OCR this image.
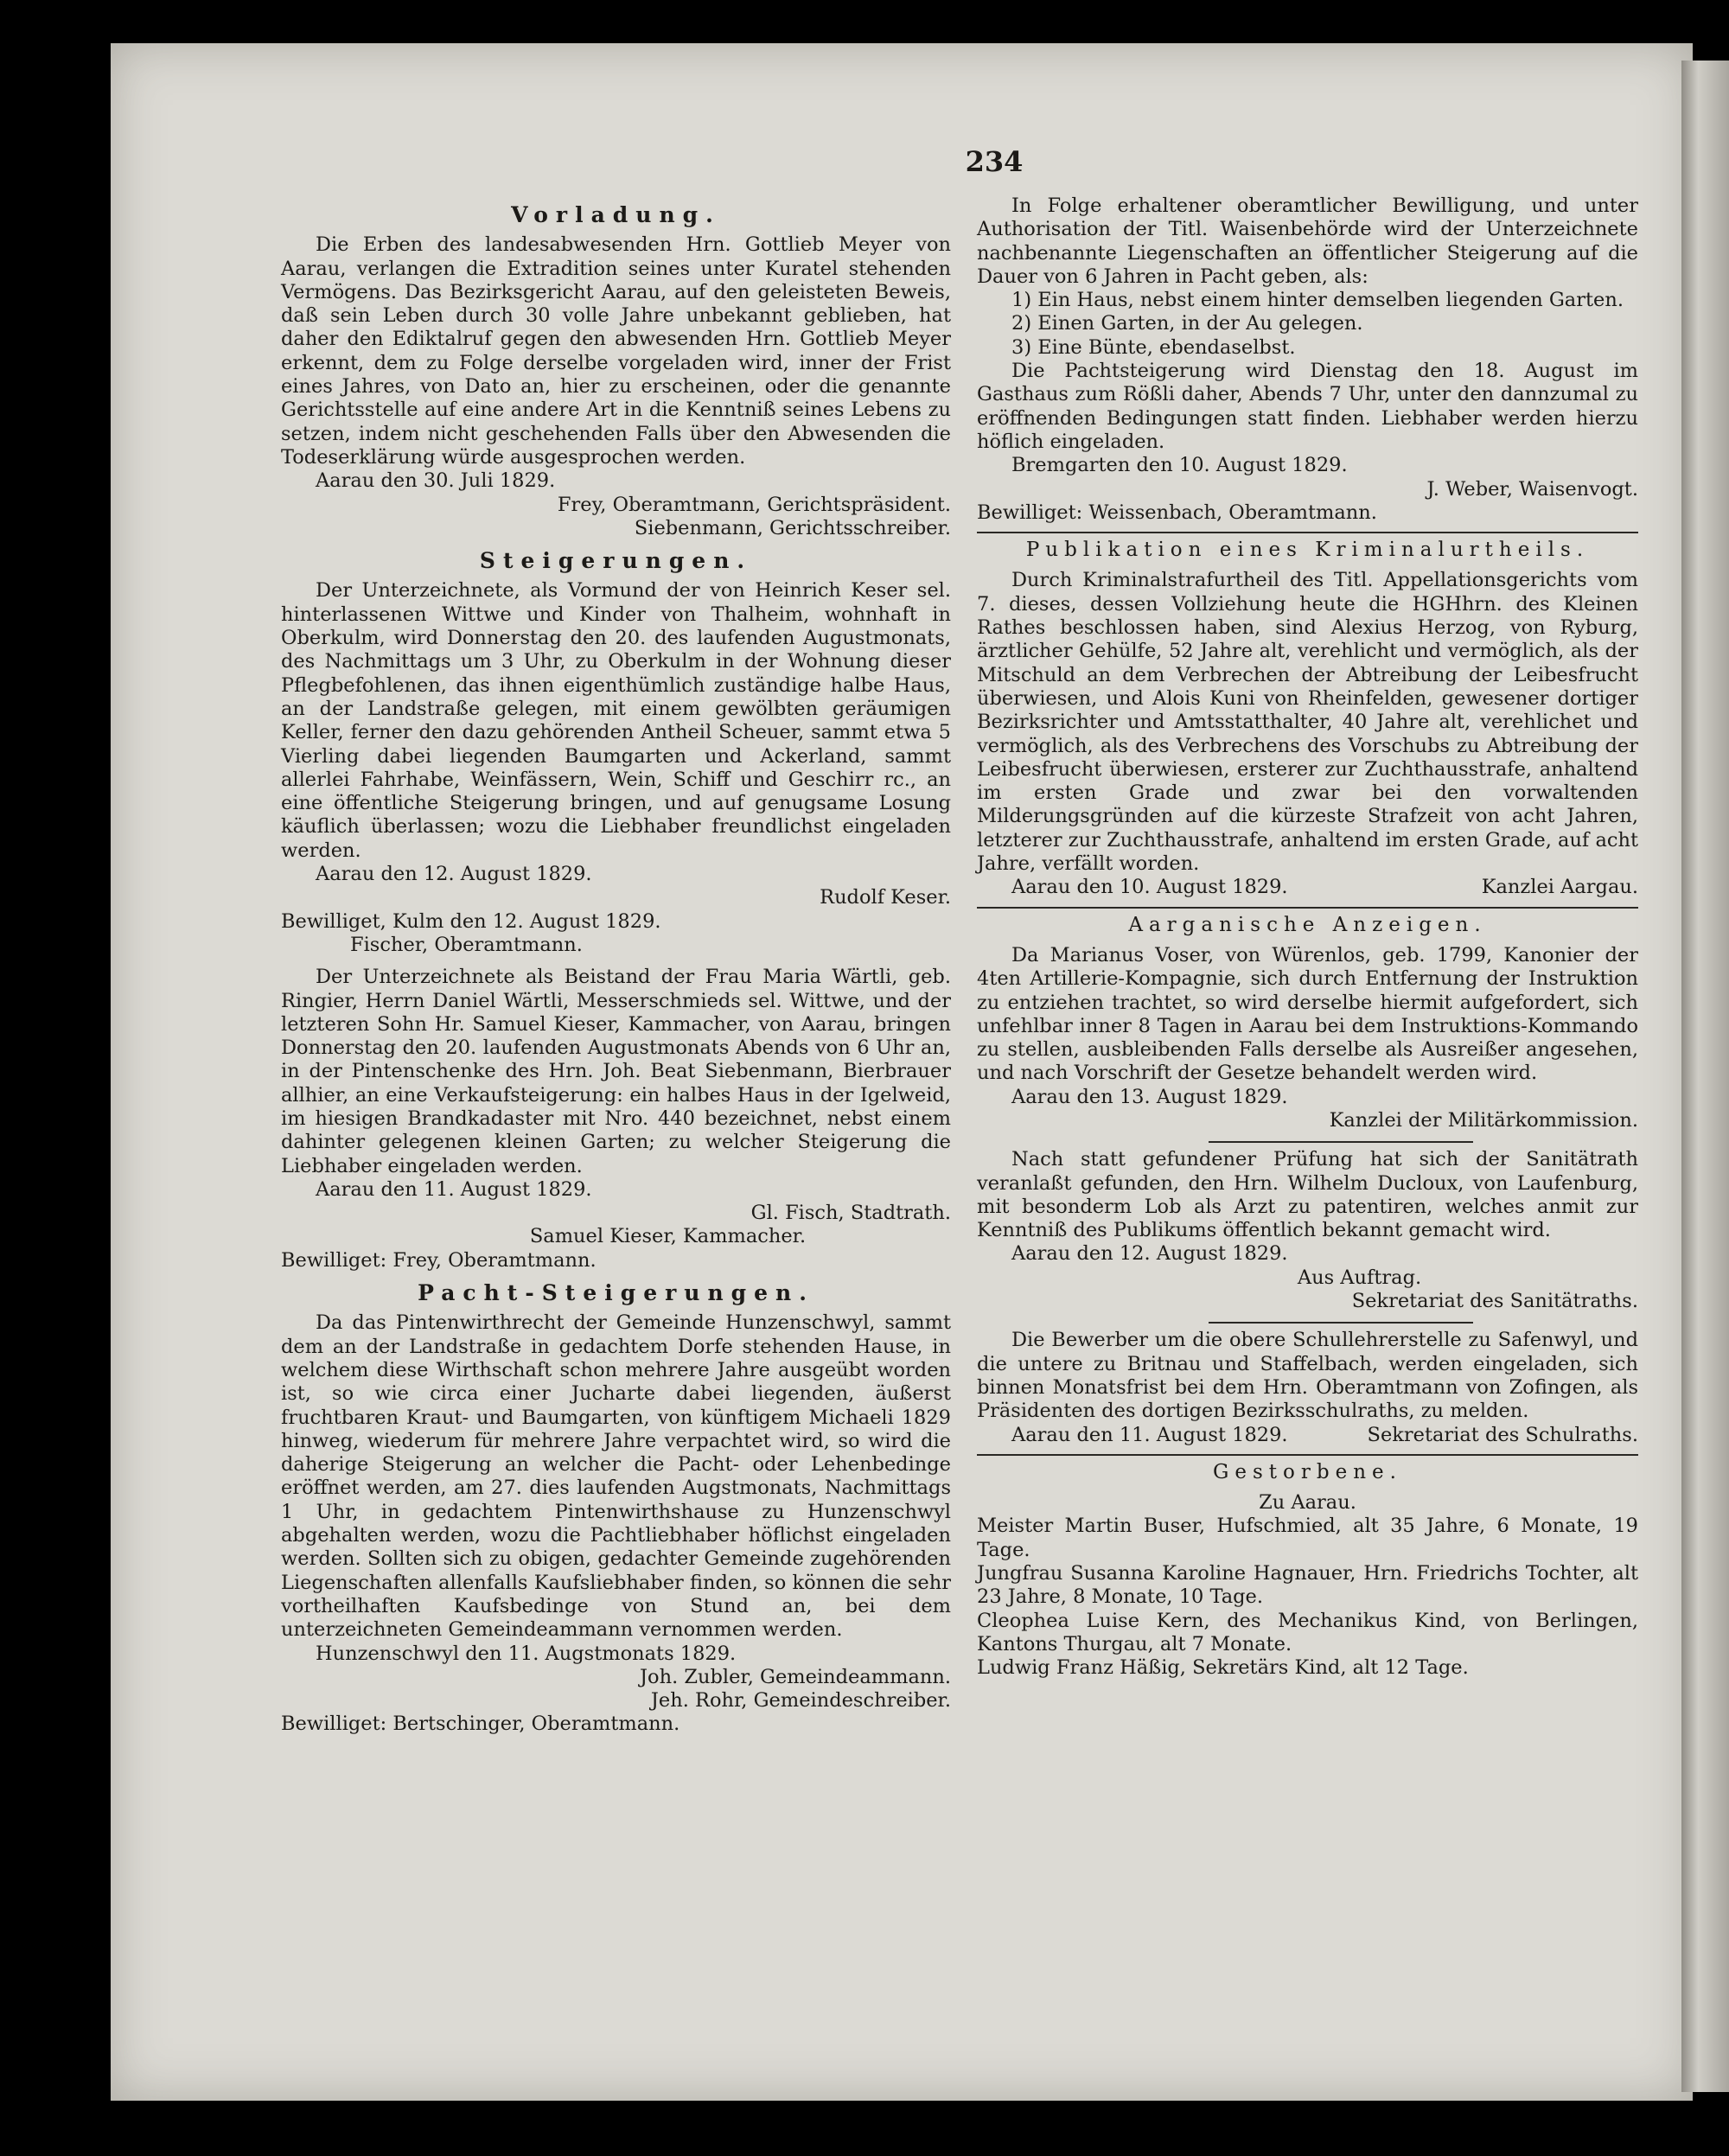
234
Vorladung.

Die Erben des landesabwesenden Hrn. Gottlieb Meyer von Aarau, verlangen die Extradition seines unter Kuratel stehenden Vermögens. Das Bezirksgericht Aarau, auf den geleisteten Beweis, daß sein Leben durch 30 volle Jahre unbekannt geblieben, hat daher den Ediktalruf gegen den abwesenden Hrn. Gottlieb Meyer erkennt, dem zu Folge derselbe vorgeladen wird, inner der Frist eines Jahres, von Dato an, hier zu erscheinen, oder die genannte Gerichtsstelle auf eine andere Art in die Kenntniß seines Lebens zu setzen, indem nicht geschehenden Falls über den Abwesenden die Todeserklärung würde ausgesprochen werden.

Aarau den 30. Juli 1829.

Frey, Oberamtmann, Gerichtspräsident.

Siebenmann, Gerichtsschreiber.

Steigerungen.

Der Unterzeichnete, als Vormund der von Heinrich Keser sel. hinterlassenen Wittwe und Kinder von Thalheim, wohnhaft in Oberkulm, wird Donnerstag den 20. des laufenden Augustmonats, des Nachmittags um 3 Uhr, zu Oberkulm in der Wohnung dieser Pflegbefohlenen, das ihnen eigenthümlich zuständige halbe Haus, an der Landstraße gelegen, mit einem gewölbten geräumigen Keller, ferner den dazu gehörenden Antheil Scheuer, sammt etwa 5 Vierling dabei liegenden Baumgarten und Ackerland, sammt allerlei Fahrhabe, Weinfässern, Wein, Schiff und Geschirr rc., an eine öffentliche Steigerung bringen, und auf genugsame Losung käuflich überlassen; wozu die Liebhaber freundlichst eingeladen werden.

Aarau den 12. August 1829.

Rudolf Keser.

Bewilliget, Kulm den 12. August 1829.

Fischer, Oberamtmann.

Der Unterzeichnete als Beistand der Frau Maria Wärtli, geb. Ringier, Herrn Daniel Wärtli, Messerschmieds sel. Wittwe, und der letzteren Sohn Hr. Samuel Kieser, Kammacher, von Aarau, bringen Donnerstag den 20. laufenden Augustmonats Abends von 6 Uhr an, in der Pintenschenke des Hrn. Joh. Beat Siebenmann, Bierbrauer allhier, an eine Verkaufsteigerung: ein halbes Haus in der Igelweid, im hiesigen Brandkadaster mit Nro. 440 bezeichnet, nebst einem dahinter gelegenen kleinen Garten; zu welcher Steigerung die Liebhaber eingeladen werden.

Aarau den 11. August 1829.

Gl. Fisch, Stadtrath.

Samuel Kieser, Kammacher.

Bewilliget: Frey, Oberamtmann.

Pacht-Steigerungen.

Da das Pintenwirthrecht der Gemeinde Hunzenschwyl, sammt dem an der Landstraße in gedachtem Dorfe stehenden Hause, in welchem diese Wirthschaft schon mehrere Jahre ausgeübt worden ist, so wie circa einer Jucharte dabei liegenden, äußerst fruchtbaren Kraut- und Baumgarten, von künftigem Michaeli 1829 hinweg, wiederum für mehrere Jahre verpachtet wird, so wird die daherige Steigerung an welcher die Pacht- oder Lehenbedinge eröffnet werden, am 27. dies laufenden Augstmonats, Nachmittags 1 Uhr, in gedachtem Pintenwirthshause zu Hunzenschwyl abgehalten werden, wozu die Pachtliebhaber höflichst eingeladen werden. Sollten sich zu obigen, gedachter Gemeinde zugehörenden Liegenschaften allenfalls Kaufsliebhaber finden, so können die sehr vortheilhaften Kaufsbedinge von Stund an, bei dem unterzeichneten Gemeindeammann vernommen werden.

Hunzenschwyl den 11. Augstmonats 1829.

Joh. Zubler, Gemeindeammann.

Jeh. Rohr, Gemeindeschreiber.

Bewilliget: Bertschinger, Oberamtmann.

In Folge erhaltener oberamtlicher Bewilligung, und unter Authorisation der Titl. Waisenbehörde wird der Unterzeichnete nachbenannte Liegenschaften an öffentlicher Steigerung auf die Dauer von 6 Jahren in Pacht geben, als:

1) Ein Haus, nebst einem hinter demselben liegenden Garten.

2) Einen Garten, in der Au gelegen.

3) Eine Bünte, ebendaselbst.

Die Pachtsteigerung wird Dienstag den 18. August im Gasthaus zum Rößli daher, Abends 7 Uhr, unter den dannzumal zu eröffnenden Bedingungen statt finden. Liebhaber werden hierzu höflich eingeladen.

Bremgarten den 10. August 1829.

J. Weber, Waisenvogt.

Bewilliget: Weissenbach, Oberamtmann.

Publikation eines Kriminalurtheils.

Durch Kriminalstrafurtheil des Titl. Appellationsgerichts vom 7. dieses, dessen Vollziehung heute die HGHhrn. des Kleinen Rathes beschlossen haben, sind Alexius Herzog, von Ryburg, ärztlicher Gehülfe, 52 Jahre alt, verehlicht und vermöglich, als der Mitschuld an dem Verbrechen der Abtreibung der Leibesfrucht überwiesen, und Alois Kuni von Rheinfelden, gewesener dortiger Bezirksrichter und Amtsstatthalter, 40 Jahre alt, verehlichet und vermöglich, als des Verbrechens des Vorschubs zu Abtreibung der Leibesfrucht überwiesen, ersterer zur Zuchthausstrafe, anhaltend im ersten Grade und zwar bei den vorwaltenden Milderungsgründen auf die kürzeste Strafzeit von acht Jahren, letzterer zur Zuchthausstrafe, anhaltend im ersten Grade, auf acht Jahre, verfällt worden.

Aarau den 10. August 1829.	Kanzlei Aargau.
Aarganische Anzeigen.

Da Marianus Voser, von Würenlos, geb. 1799, Kanonier der 4ten Artillerie-Kompagnie, sich durch Entfernung der Instruktion zu entziehen trachtet, so wird derselbe hiermit aufgefordert, sich unfehlbar inner 8 Tagen in Aarau bei dem Instruktions-Kommando zu stellen, ausbleibenden Falls derselbe als Ausreißer angesehen, und nach Vorschrift der Gesetze behandelt werden wird.

Aarau den 13. August 1829.

Kanzlei der Militärkommission.

Nach statt gefundener Prüfung hat sich der Sanitätrath veranlaßt gefunden, den Hrn. Wilhelm Ducloux, von Laufenburg, mit besonderm Lob als Arzt zu patentiren, welches anmit zur Kenntniß des Publikums öffentlich bekannt gemacht wird.

Aarau den 12. August 1829.

Aus Auftrag.

Sekretariat des Sanitätraths.

Die Bewerber um die obere Schullehrerstelle zu Safenwyl, und die untere zu Britnau und Staffelbach, werden eingeladen, sich binnen Monatsfrist bei dem Hrn. Oberamtmann von Zofingen, als Präsidenten des dortigen Bezirksschulraths, zu melden.

Aarau den 11. August 1829.	Sekretariat des Schulraths.
Gestorbene.

Zu Aarau.

Meister Martin Buser, Hufschmied, alt 35 Jahre, 6 Monate, 19 Tage.

Jungfrau Susanna Karoline Hagnauer, Hrn. Friedrichs Tochter, alt 23 Jahre, 8 Monate, 10 Tage.

Cleophea Luise Kern, des Mechanikus Kind, von Berlingen, Kantons Thurgau, alt 7 Monate.

Ludwig Franz Häßig, Sekretärs Kind, alt 12 Tage.
